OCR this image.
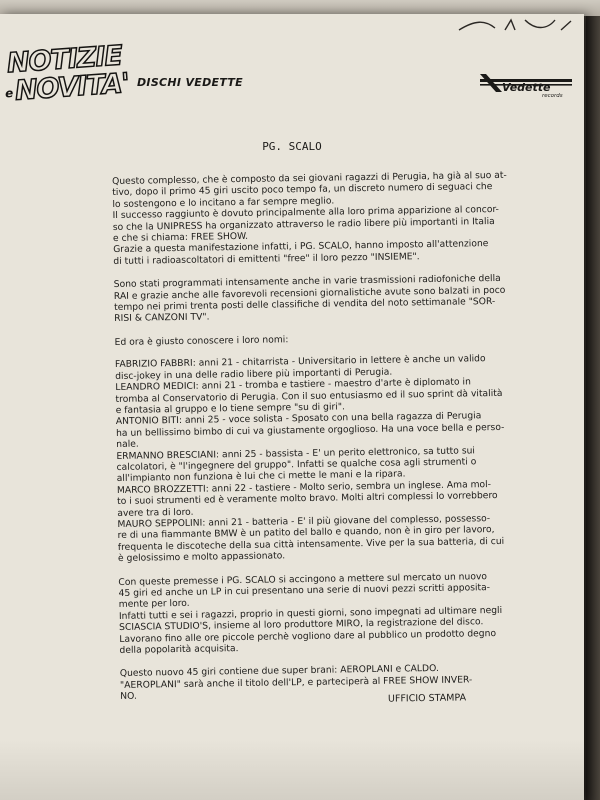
NOTIZIE
e NOVITA' DISCHI VEDETTE	Vedette
records
PG. SCALO

Questo complesso, che è composto da sei giovani ragazzi di Perugia, ha già al suo at-
tivo, dopo il primo 45 giri uscito poco tempo fa, un discreto numero di seguaci che
lo sostengono e lo incitano a far sempre meglio.
Il successo raggiunto è dovuto principalmente alla loro prima apparizione al concor-
so che la UNIPRESS ha organizzato attraverso le radio libere più importanti in Italia
e che si chiama: FREE SHOW.
Grazie a questa manifestazione infatti, i PG. SCALO, hanno imposto all'attenzione
di tutti i radioascoltatori di emittenti "free" il loro pezzo "INSIEME".

Sono stati programmati intensamente anche in varie trasmissioni radiofoniche della
RAI e grazie anche alle favorevoli recensioni giornalistiche avute sono balzati in poco
tempo nei primi trenta posti delle classifiche di vendita del noto settimanale "SOR-
RISI & CANZONI TV".

Ed ora è giusto conoscere i loro nomi:

FABRIZIO FABBRI: anni 21 - chitarrista - Universitario in lettere è anche un valido
disc-jokey in una delle radio libere più importanti di Perugia.
LEANDRO MEDICI: anni 21 - tromba e tastiere - maestro d'arte è diplomato in
tromba al Conservatorio di Perugia. Con il suo entusiasmo ed il suo sprint dà vitalità
e fantasia al gruppo e lo tiene sempre "su di giri".
ANTONIO BITI: anni 25 - voce solista - Sposato con una bella ragazza di Perugia
ha un bellissimo bimbo di cui va giustamente orgoglioso. Ha una voce bella e perso-
nale.
ERMANNO BRESCIANI: anni 25 - bassista - E' un perito elettronico, sa tutto sui
calcolatori, è "l'ingegnere del gruppo". Infatti se qualche cosa agli strumenti o
all'impianto non funziona è lui che ci mette le mani e la ripara.
MARCO BROZZETTI: anni 22 - tastiere - Molto serio, sembra un inglese. Ama mol-
to i suoi strumenti ed è veramente molto bravo. Molti altri complessi lo vorrebbero
avere tra di loro.
MAURO SEPPOLINI: anni 21 - batteria - E' il più giovane del complesso, possesso-
re di una fiammante BMW è un patito del ballo e quando, non è in giro per lavoro,
frequenta le discoteche della sua città intensamente. Vive per la sua batteria, di cui
è gelosissimo e molto appassionato.

Con queste premesse i PG. SCALO si accingono a mettere sul mercato un nuovo
45 giri ed anche un LP in cui presentano una serie di nuovi pezzi scritti apposita-
mente per loro.
Infatti tutti e sei i ragazzi, proprio in questi giorni, sono impegnati ad ultimare negli
SCIASCIA STUDIO'S, insieme al loro produttore MIRO, la registrazione del disco.
Lavorano fino alle ore piccole perchè vogliono dare al pubblico un prodotto degno
della popolarità acquisita.

Questo nuovo 45 giri contiene due super brani: AEROPLANI e CALDO.
"AEROPLANI" sarà anche il titolo dell'LP, e parteciperà al FREE SHOW INVER-
NO.	UFFICIO STAMPA
